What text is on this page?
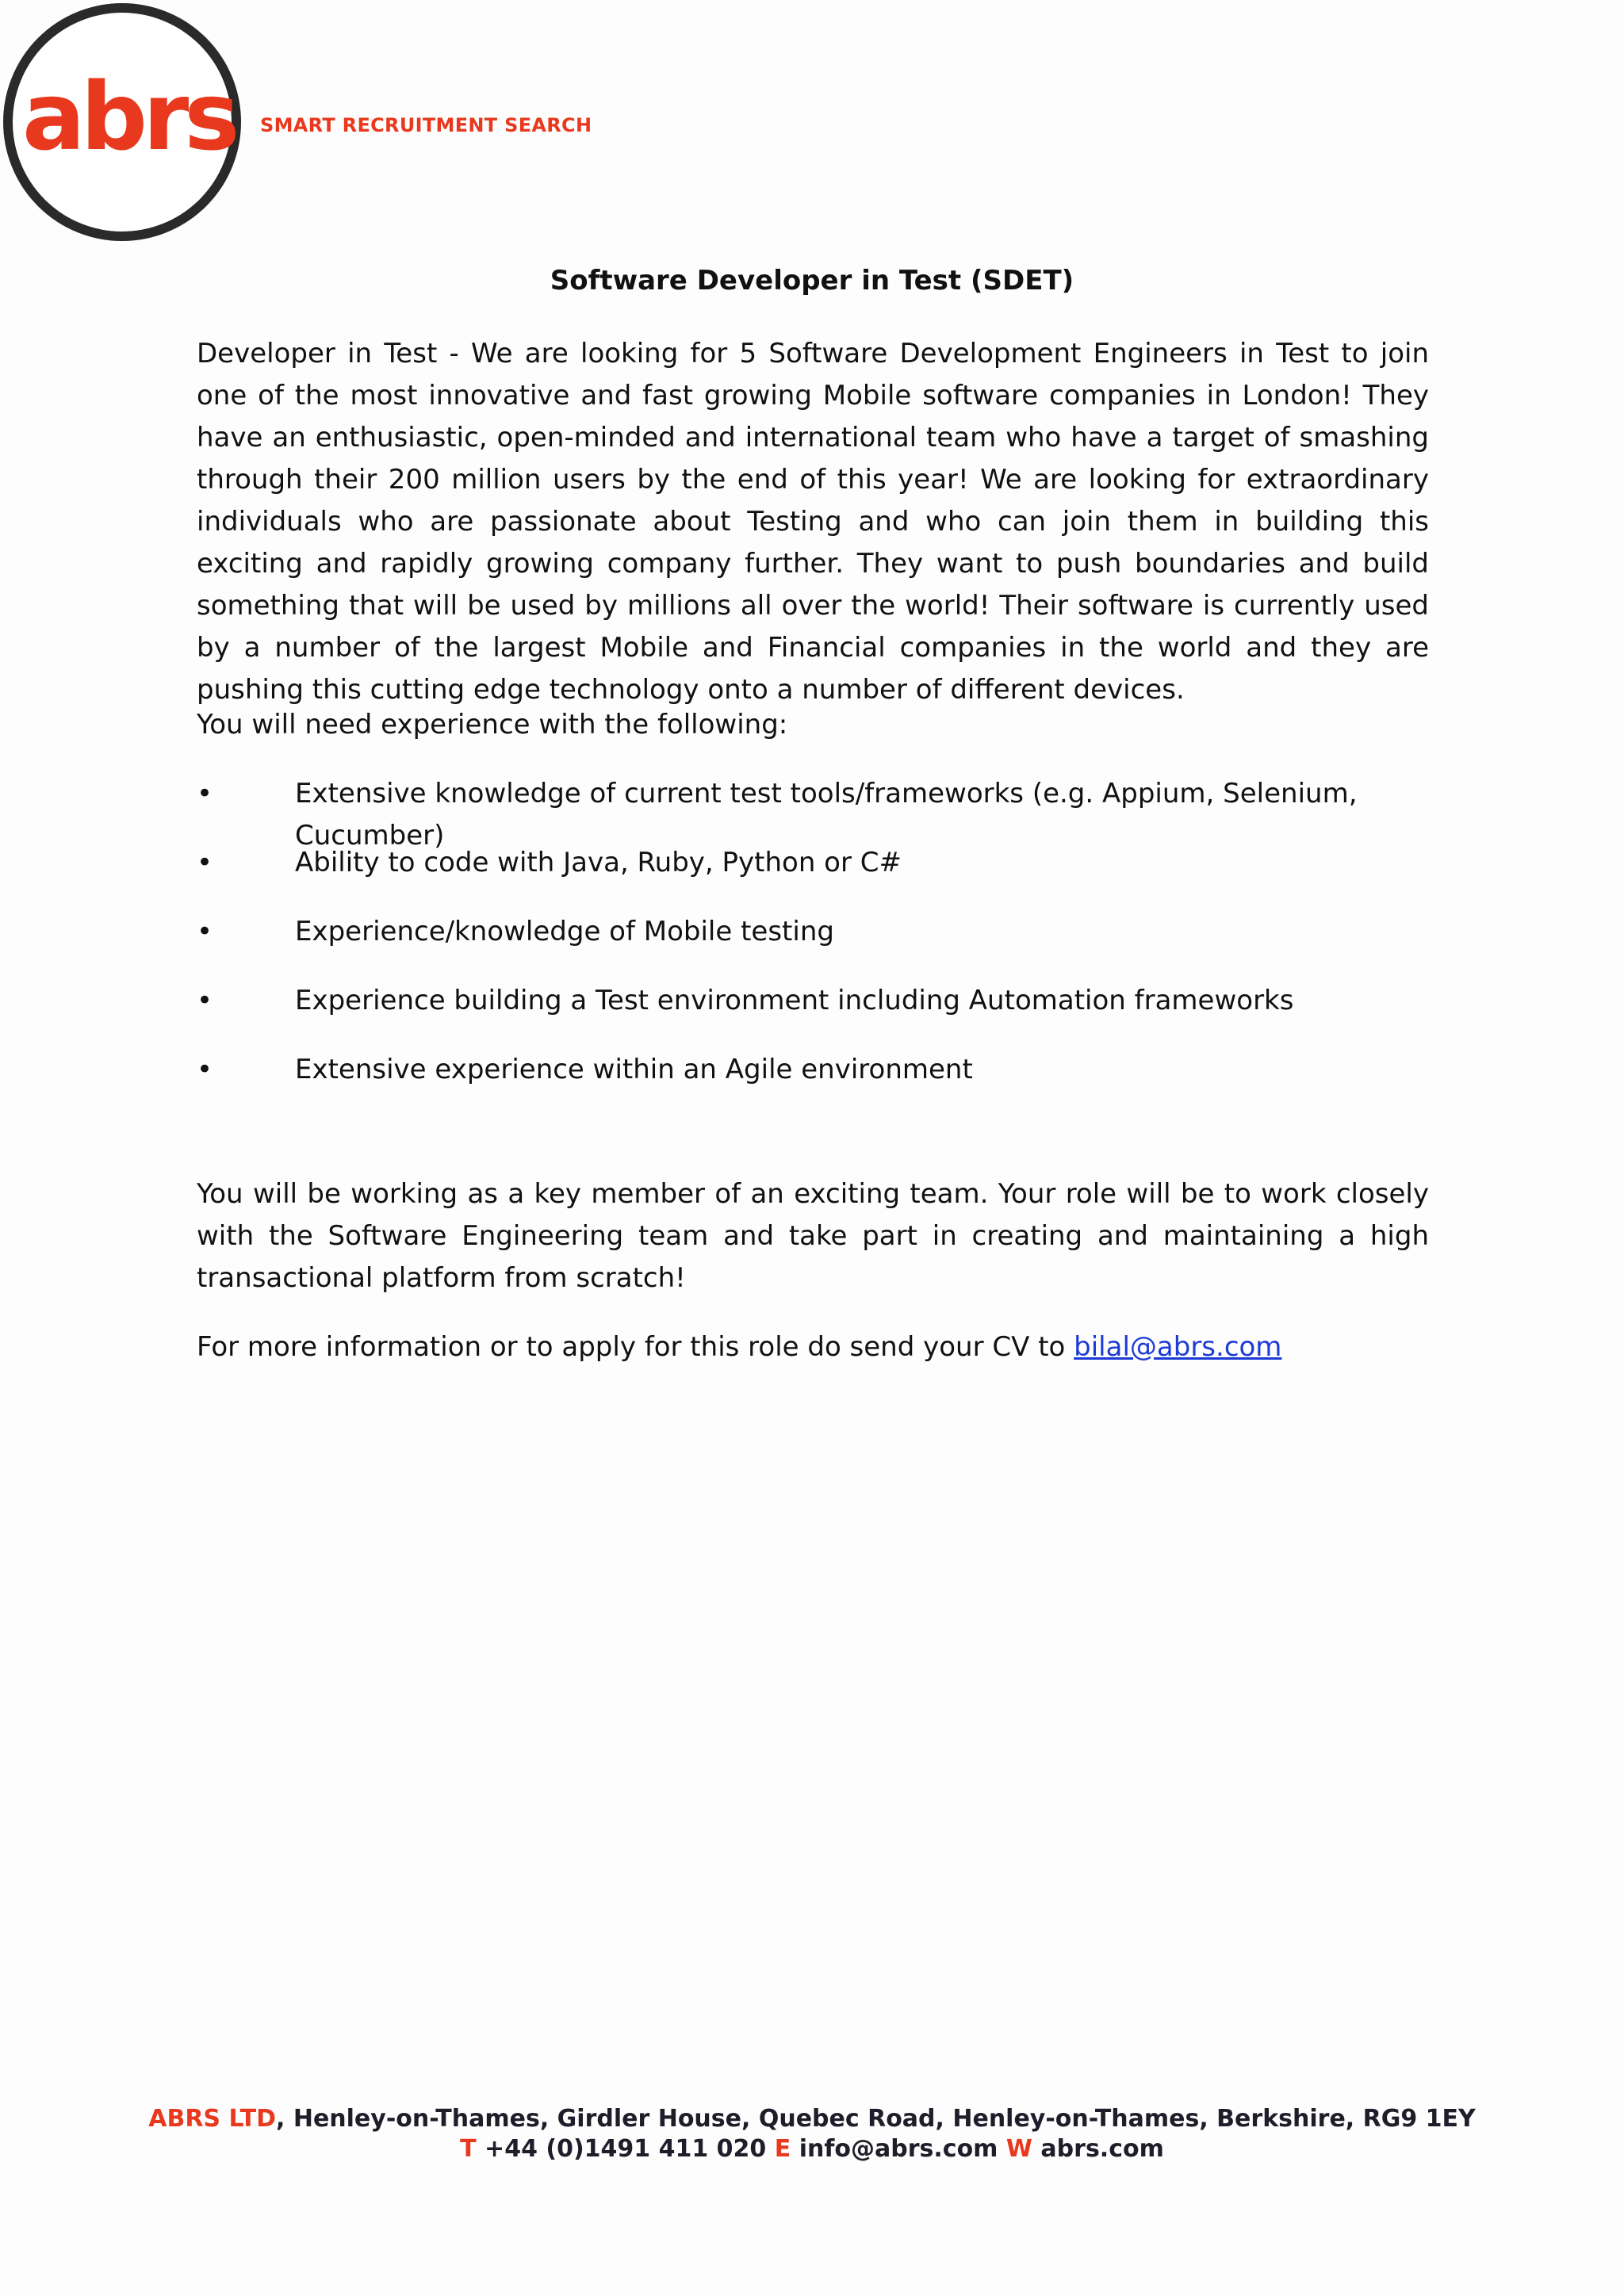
abrs SMART RECRUITMENT SEARCH
Software Developer in Test (SDET)

Developer in Test - We are looking for 5 Software Development Engineers in Test to join one of the most innovative and fast growing Mobile software companies in London! They have an enthusiastic, open-minded and international team who have a target of smashing through their 200 million users by the end of this year! We are looking for extraordinary individuals who are passionate about Testing and who can join them in building this exciting and rapidly growing company further. They want to push boundaries and build something that will be used by millions all over the world! Their software is currently used by a number of the largest Mobile and Financial companies in the world and they are pushing this cutting edge technology onto a number of different devices.

You will need experience with the following:

•	Extensive knowledge of current test tools/frameworks (e.g. Appium, Selenium, Cucumber)
•	Ability to code with Java, Ruby, Python or C#
•	Experience/knowledge of Mobile testing
•	Experience building a Test environment including Automation frameworks
•	Extensive experience within an Agile environment

You will be working as a key member of an exciting team. Your role will be to work closely with the Software Engineering team and take part in creating and maintaining a high transactional platform from scratch!

For more information or to apply for this role do send your CV to bilal@abrs.com

ABRS LTD, Henley-on-Thames, Girdler House, Quebec Road, Henley-on-Thames, Berkshire, RG9 1EY
T +44 (0)1491 411 020 E info@abrs.com W abrs.com
